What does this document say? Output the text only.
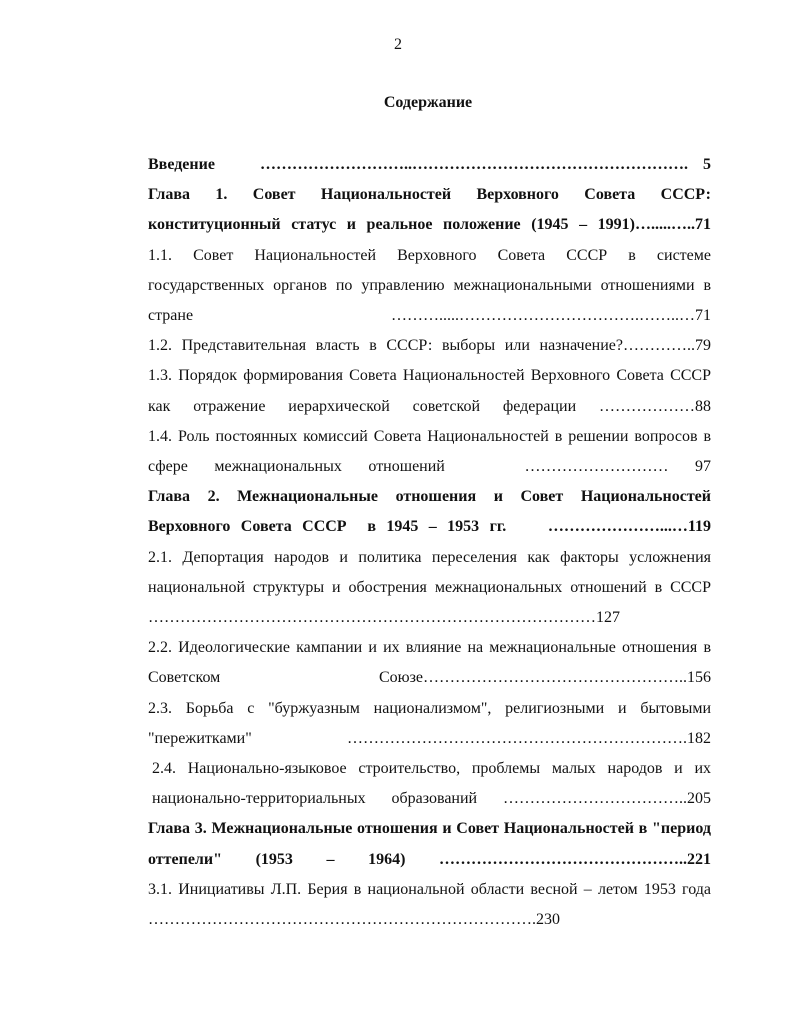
2
Содержание

Введение   ………………………..……………………………………………. 5

Глава 1. Совет Национальностей Верховного Совета СССР: конституционный статус и реальное положение (1945 – 1991)….....…..71

1.1. Совет Национальностей Верховного Совета СССР в системе государственных органов по управлению межнациональными отношениями в стране    ……….....…………………………….……..…71

1.2. Представительная власть в СССР: выборы или назначение?…………..79

1.3. Порядок формирования Совета Национальностей Верховного Совета СССР как отражение иерархической советской федерации ………………88

1.4. Роль постоянных комиссий Совета Национальностей в решении вопросов в сфере межнациональных отношений   ……………………… 97

Глава 2. Межнациональные отношения и Совет Национальностей Верховного Совета СССР  в 1945 – 1953 гг.    …………………...…119

2.1. Депортация народов и политика переселения как факторы усложнения национальной структуры и обострения межнациональных отношений в СССР  …………………………………………………………………………127

2.2. Идеологические кампании и их влияние на межнациональные отношения в Советском Союзе…………………………………………..156

2.3. Борьба с "буржуазным национализмом", религиозными и бытовыми "пережитками"  ……………………………………………………….182

2.4. Национально-языковое строительство, проблемы малых народов и их национально-территориальных образований ……………………………..205

Глава 3. Межнациональные отношения и Совет Национальностей в "период оттепели" (1953 – 1964) ………………………………………..221

3.1. Инициативы Л.П. Берия в национальной области весной – летом 1953 года  ……………………………………………………………….230
